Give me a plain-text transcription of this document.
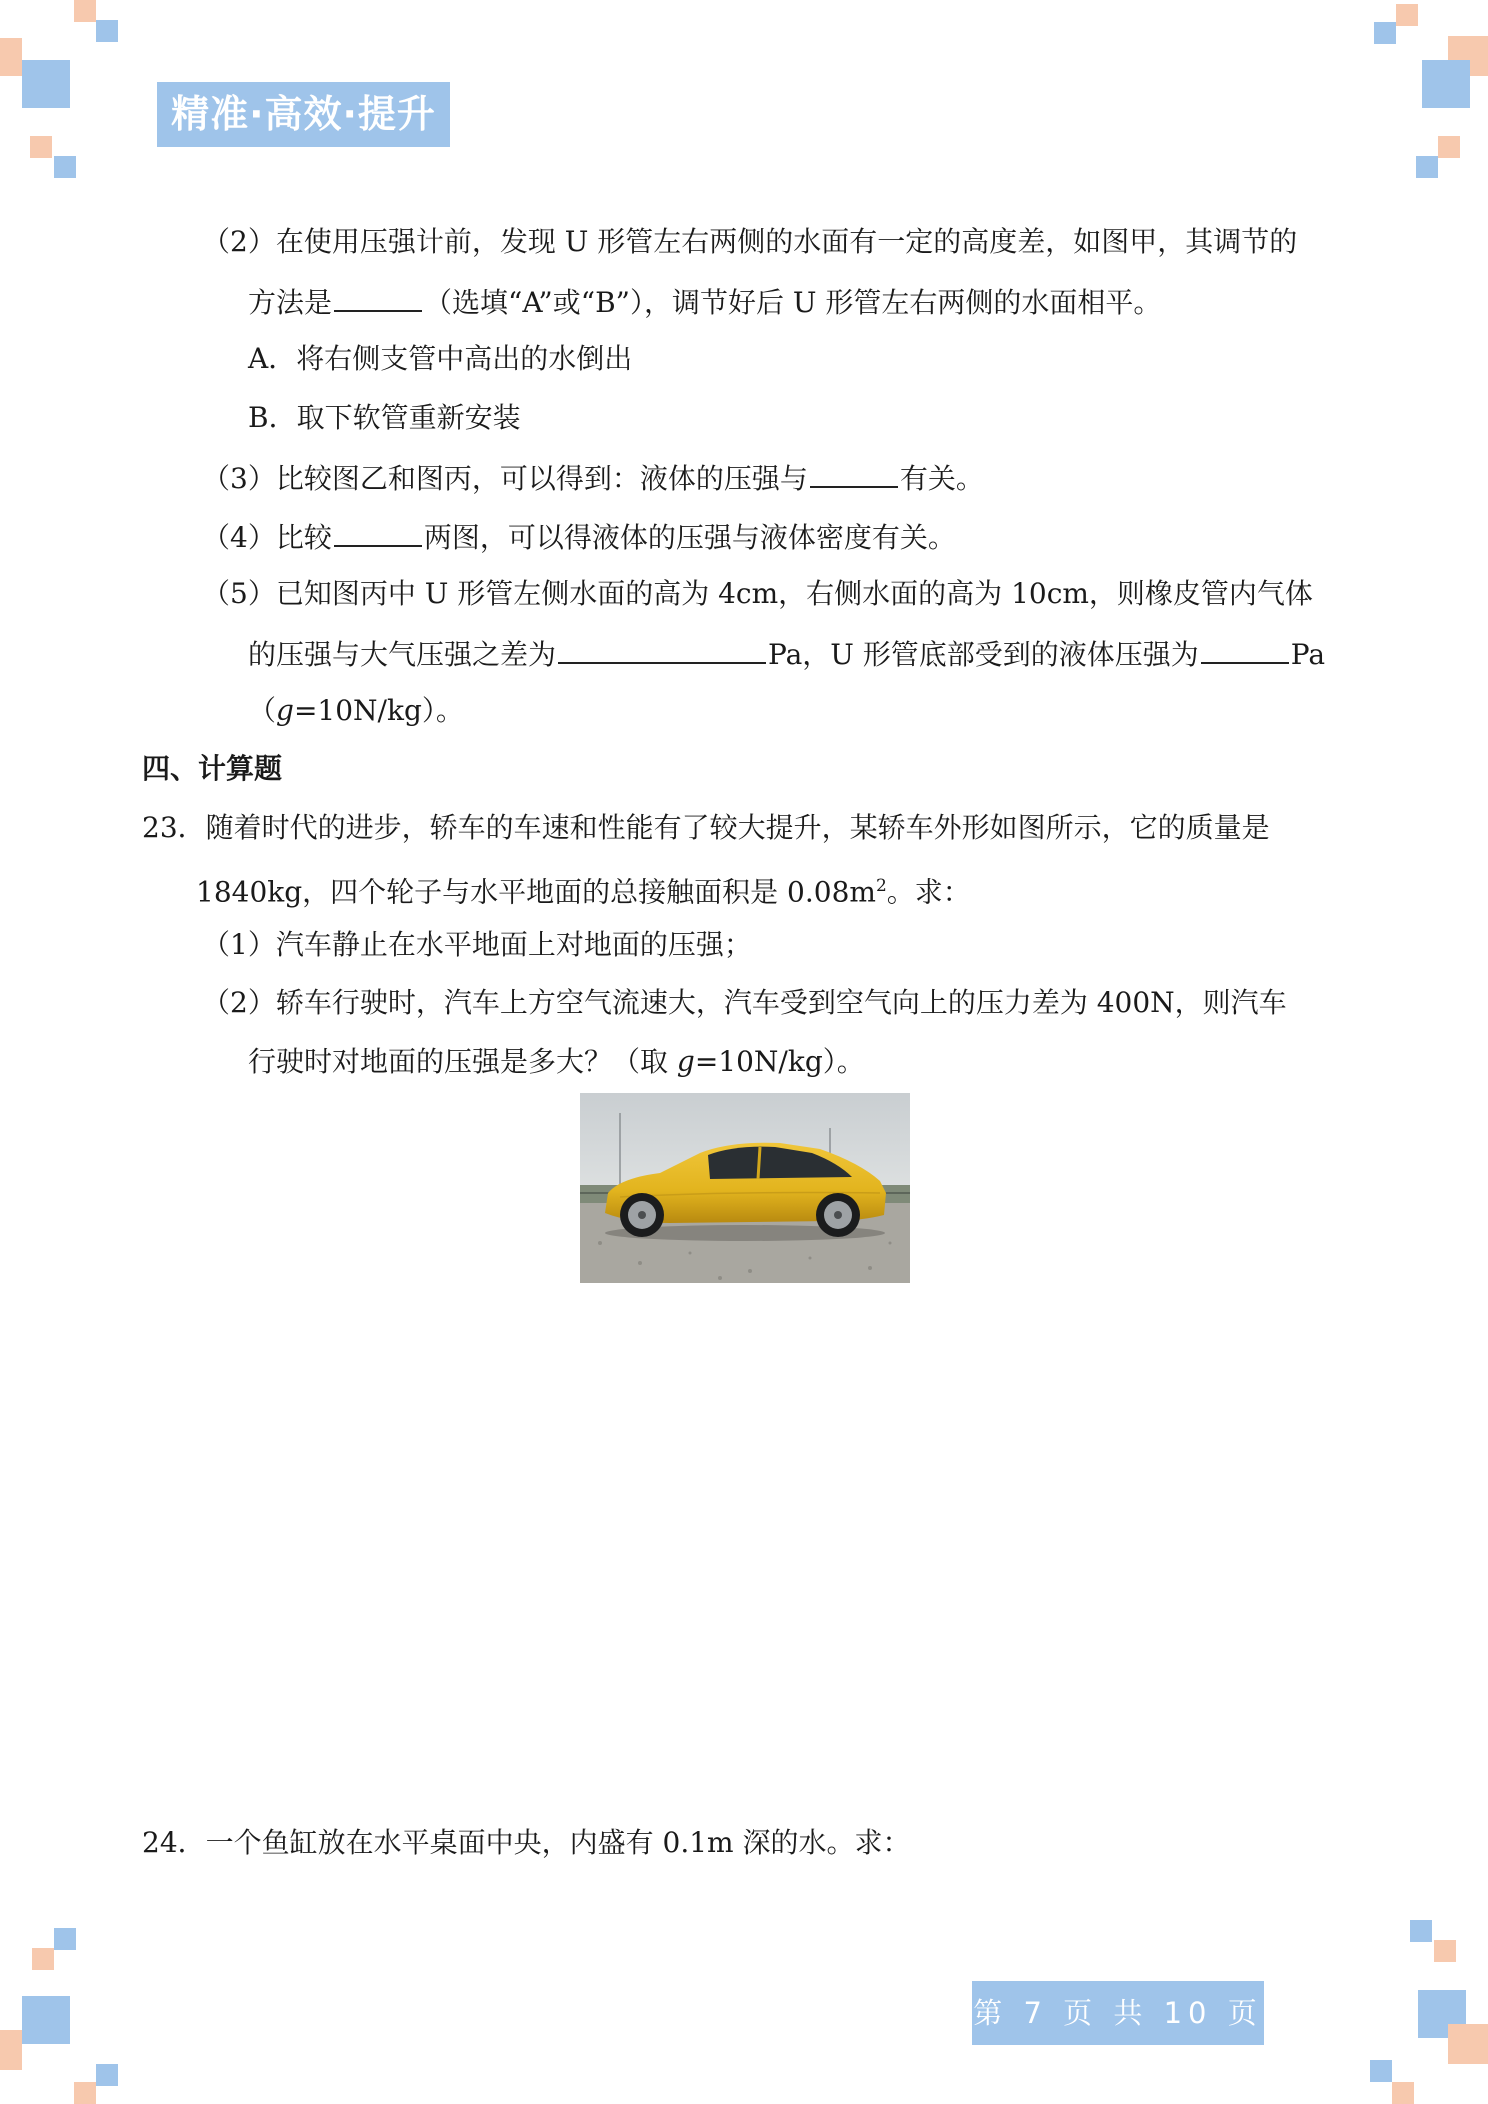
精准·高效·提升
（2）在使用压强计前，发现 U 形管左右两侧的水面有一定的高度差，如图甲，其调节的
方法是	（选填“A”或“B”），调节好后 U 形管左右两侧的水面相平。
A．将右侧支管中高出的水倒出
B．取下软管重新安装
（3）比较图乙和图丙，可以得到：液体的压强与	有关。
（4）比较	两图，可以得液体的压强与液体密度有关。
（5）已知图丙中 U 形管左侧水面的高为 4cm，右侧水面的高为 10cm，则橡皮管内气体
的压强与大气压强之差为	Pa，U 形管底部受到的液体压强为	Pa
（g=10N/kg）。
四、计算题
23．随着时代的进步，轿车的车速和性能有了较大提升，某轿车外形如图所示，它的质量是
1840kg，四个轮子与水平地面的总接触面积是 $0.08m^2$。求：
（1）汽车静止在水平地面上对地面的压强；
（2）轿车行驶时，汽车上方空气流速大，汽车受到空气向上的压力差为 400N，则汽车
行驶时对地面的压强是多大？（取 g=10N/kg）。
24．一个鱼缸放在水平桌面中央，内盛有 0.1m 深的水。求：
第 7 页 共 10 页
